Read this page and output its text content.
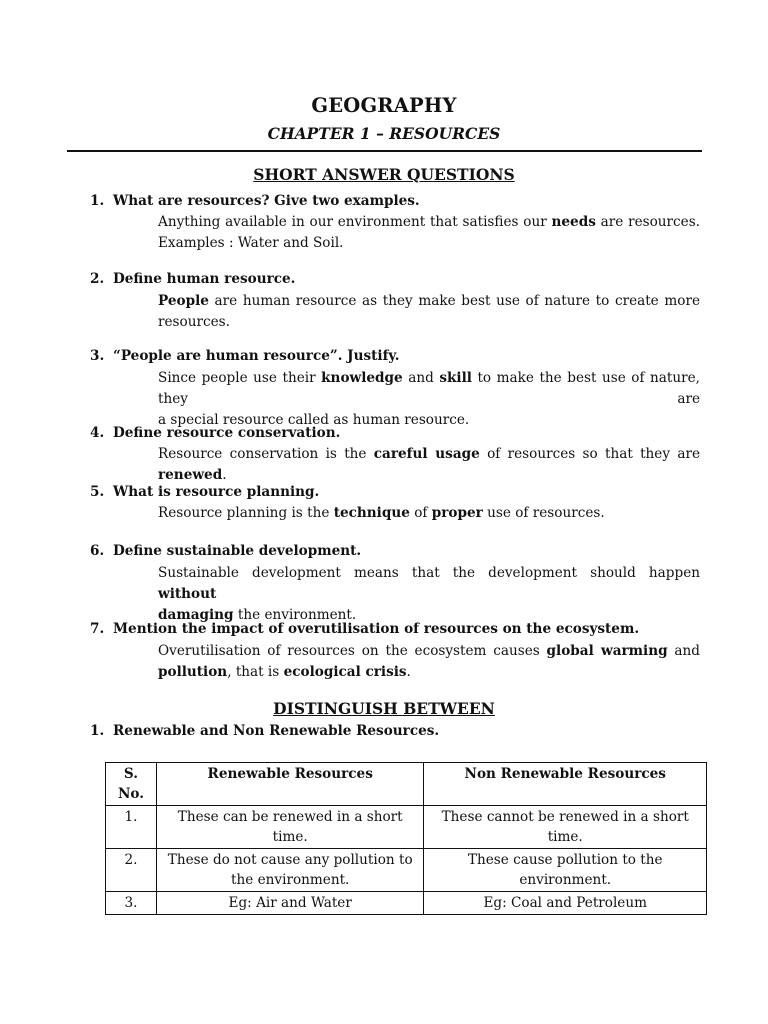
GEOGRAPHY
CHAPTER 1 – RESOURCES
SHORT ANSWER QUESTIONS
1. What are resources? Give two examples.
Anything available in our environment that satisfies our needs are resources.
Examples : Water and Soil.
2. Define human resource.
People are human resource as they make best use of nature to create more
resources.
3. “People are human resource”. Justify.
Since people use their knowledge and skill to make the best use of nature, they are
a special resource called as human resource.
4. Define resource conservation.
Resource conservation is the careful usage of resources so that they are renewed.
5. What is resource planning.
Resource planning is the technique of proper use of resources.
6. Define sustainable development.
Sustainable development means that the development should happen without
damaging the environment.
7. Mention the impact of overutilisation of resources on the ecosystem.
Overutilisation of resources on the ecosystem causes global warming and
pollution, that is ecological crisis.
DISTINGUISH BETWEEN
1. Renewable and Non Renewable Resources.
S. No.	Renewable Resources	Non Renewable Resources
1.	These can be renewed in a short time.	These cannot be renewed in a short time.
2.	These do not cause any pollution to the environment.	These cause pollution to the environment.
3.	Eg: Air and Water	Eg: Coal and Petroleum
